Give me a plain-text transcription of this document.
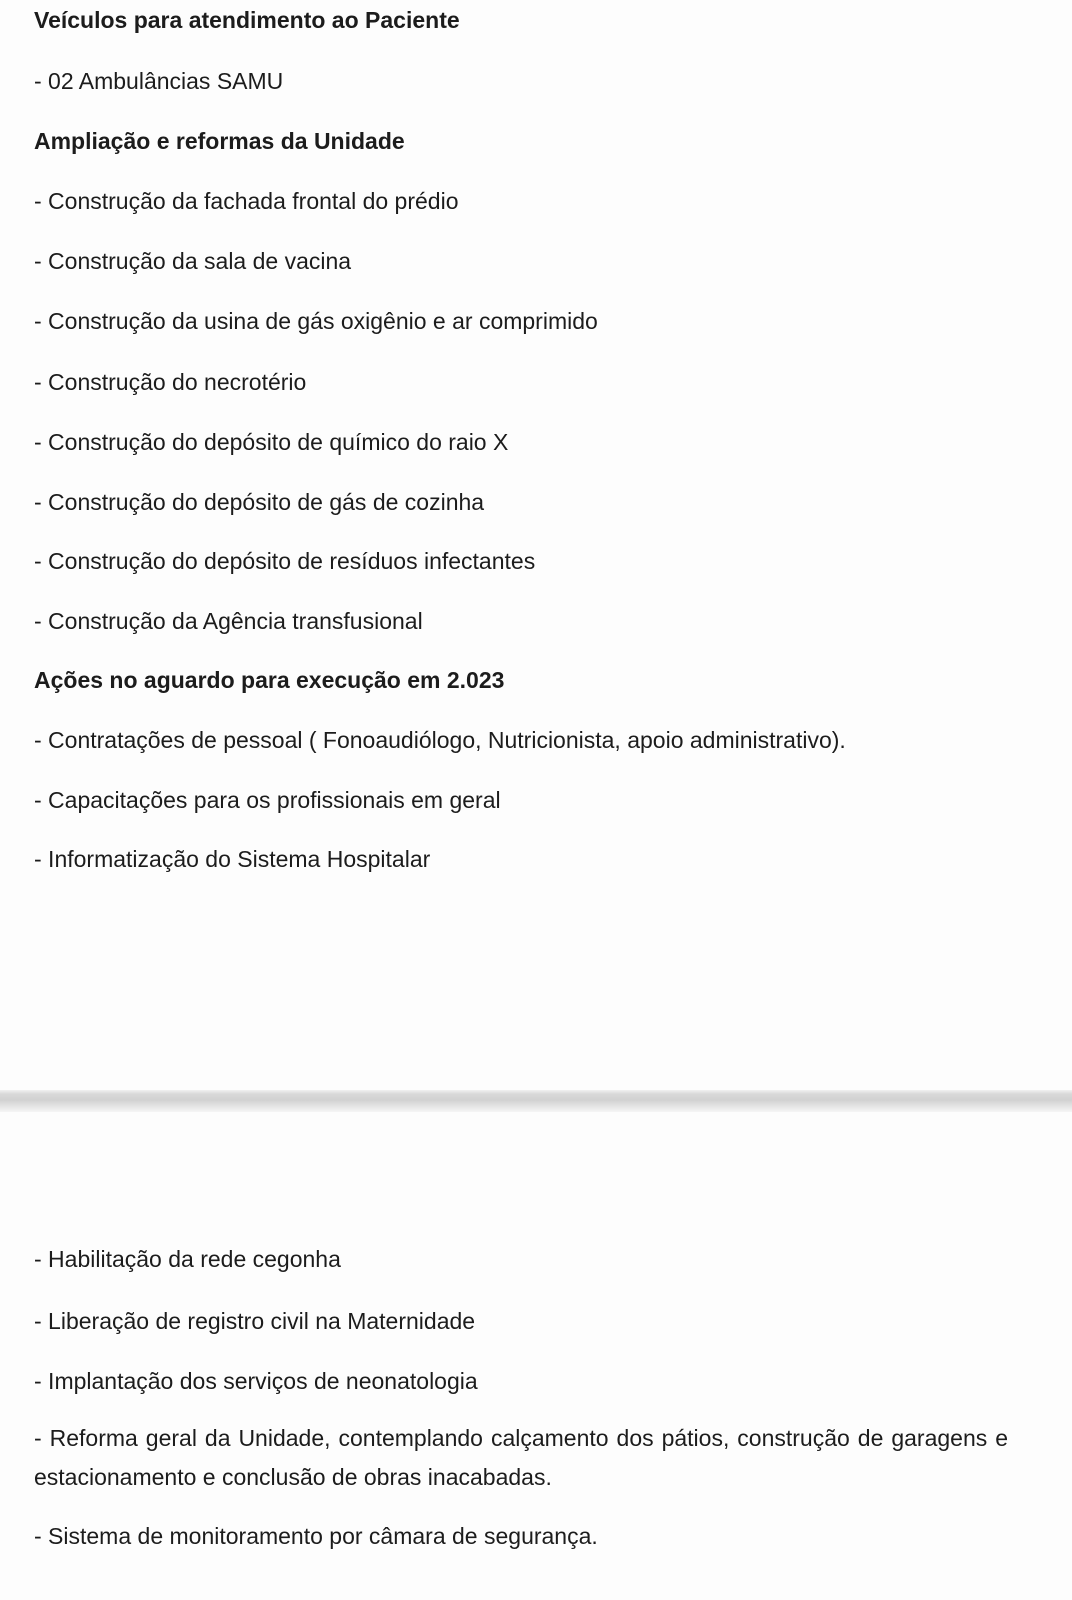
Veículos para atendimento ao Paciente

- 02 Ambulâncias SAMU

Ampliação e reformas da Unidade

- Construção da fachada frontal do prédio

- Construção da sala de vacina

- Construção da usina de gás oxigênio e ar comprimido

- Construção do necrotério

- Construção do depósito de químico do raio X

- Construção do depósito de gás de cozinha

- Construção do depósito de resíduos infectantes

- Construção da Agência transfusional

Ações no aguardo para execução em 2.023

- Contratações de pessoal ( Fonoaudiólogo, Nutricionista, apoio administrativo).

- Capacitações para os profissionais em geral

- Informatização do Sistema Hospitalar

- Habilitação da rede cegonha

- Liberação de registro civil na Maternidade

- Implantação dos serviços de neonatologia

- Reforma geral da Unidade, contemplando calçamento dos pátios, construção de garagens e estacionamento e conclusão de obras inacabadas.

- Sistema de monitoramento por câmara de segurança.
